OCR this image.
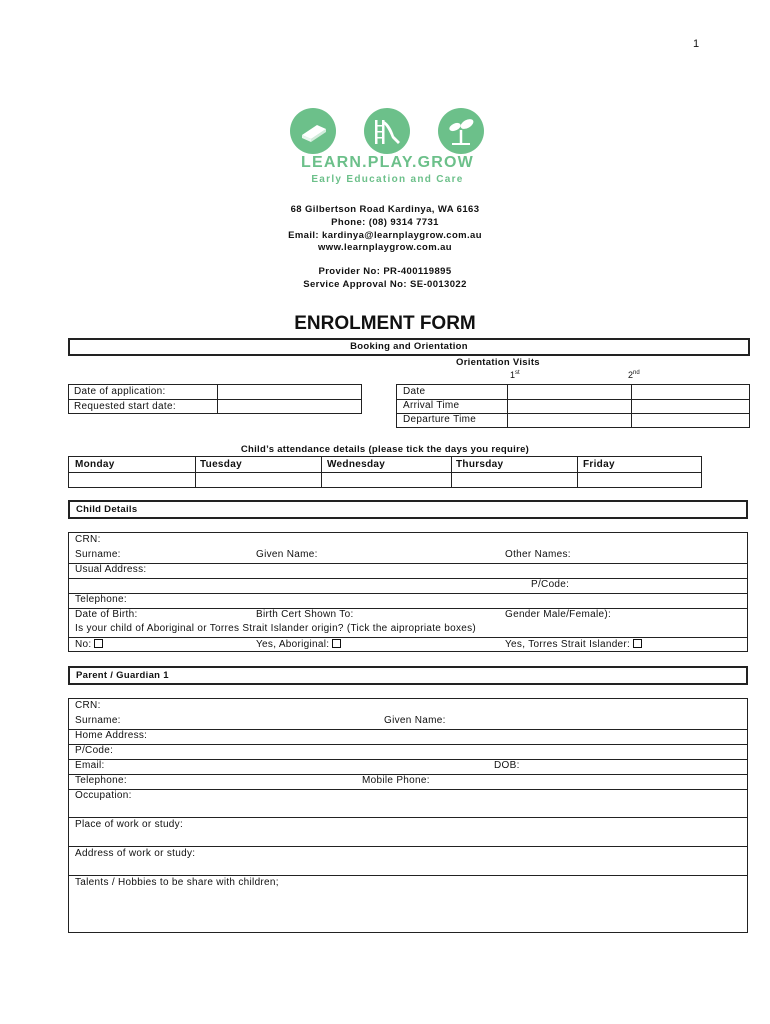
1
LEARN.PLAY.GROW
Early Education and Care
68 Gilbertson Road Kardinya, WA 6163
Phone: (08) 9314 7731
Email: kardinya@learnplaygrow.com.au
www.learnplaygrow.com.au
Provider No: PR-400119895
Service Approval No: SE-0013022
ENROLMENT FORM
Booking and Orientation
Orientation Visits
1st	2nd
Date of application:
Requested start date:
Date
Arrival Time
Departure Time
Child’s attendance details (please tick the days you require)
Monday	Tuesday	Wednesday	Thursday	Friday
Child Details
CRN:
Surname:	Given Name:	Other Names:
Usual Address:
P/Code:
Telephone:
Date of Birth:	Birth Cert Shown To:	Gender Male/Female):
Is your child of Aboriginal or Torres Strait Islander origin? (Tick the aipropriate boxes)
No:	Yes, Aboriginal:	Yes, Torres Strait Islander:
Parent / Guardian 1
CRN:
Surname:	Given Name:
Home Address:
P/Code:
Email:	DOB:
Telephone:	Mobile Phone:
Occupation:
Place of work or study:
Address of work or study:
Talents / Hobbies to be share with children;
